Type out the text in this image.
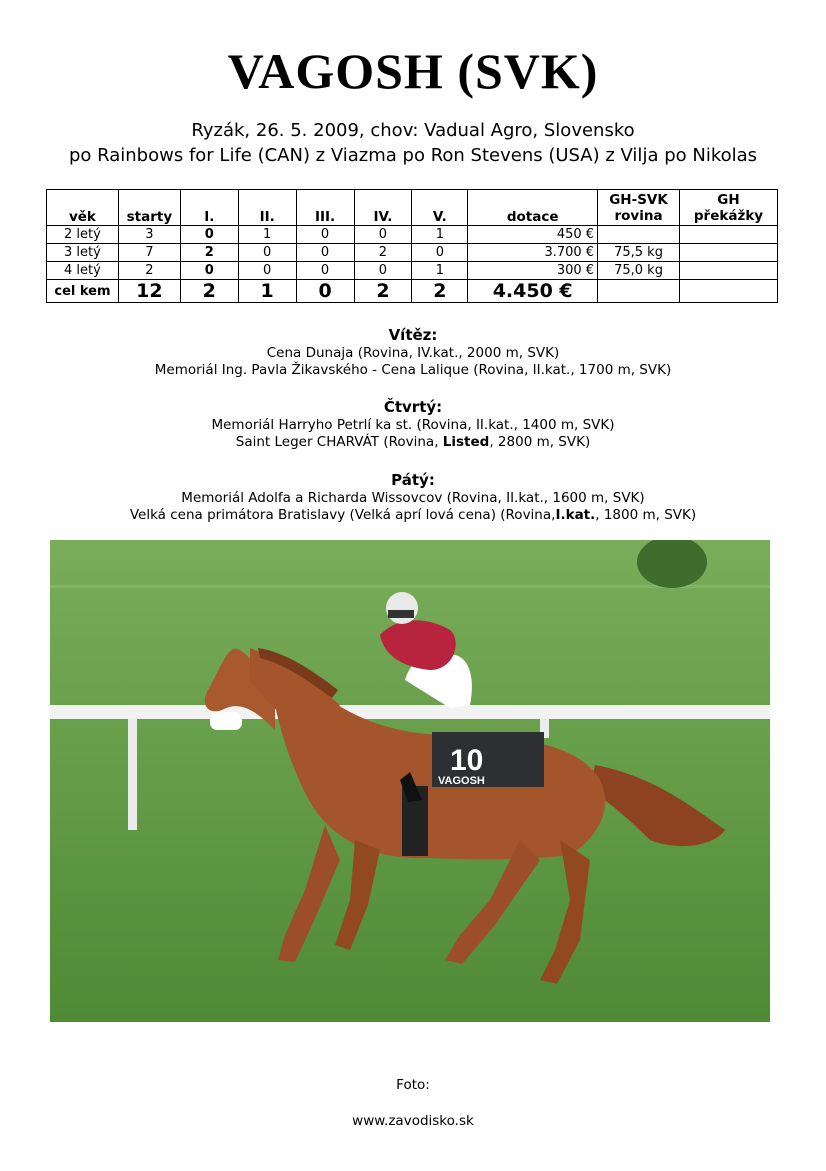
VAGOSH (SVK)
Ryzák, 26. 5. 2009, chov: Vadual Agro, Slovensko
po Rainbows for Life (CAN) z Viazma po Ron Stevens (USA) z Vilja po Nikolas
věk	starty	I.	II.	III.	IV.	V.	dotace	GH-SVK rovina	GH překážky
2 letý	3	0	1	0	0	1	450 €		
3 letý	7	2	0	0	2	0	3.700 €	75,5 kg	
4 letý	2	0	0	0	0	1	300 €	75,0 kg	
cel kem	12	2	1	0	2	2	4.450 €		
Vítěz:
Cena Dunaja (Rovina, IV.kat., 2000 m, SVK)
Memoriál Ing. Pavla Žikavského - Cena Lalique (Rovina, II.kat., 1700 m, SVK)
Čtvrtý:
Memoriál Harryho Petrlí ka st. (Rovina, II.kat., 1400 m, SVK)
Saint Leger CHARVÁT (Rovina, Listed, 2800 m, SVK)
Pátý:
Memoriál Adolfa a Richarda Wissovcov (Rovina, II.kat., 1600 m, SVK)
Velká cena primátora Bratislavy (Velká aprí lová cena) (Rovina,I.kat., 1800 m, SVK)
10
VAGOSH
Foto:
www.zavodisko.sk
